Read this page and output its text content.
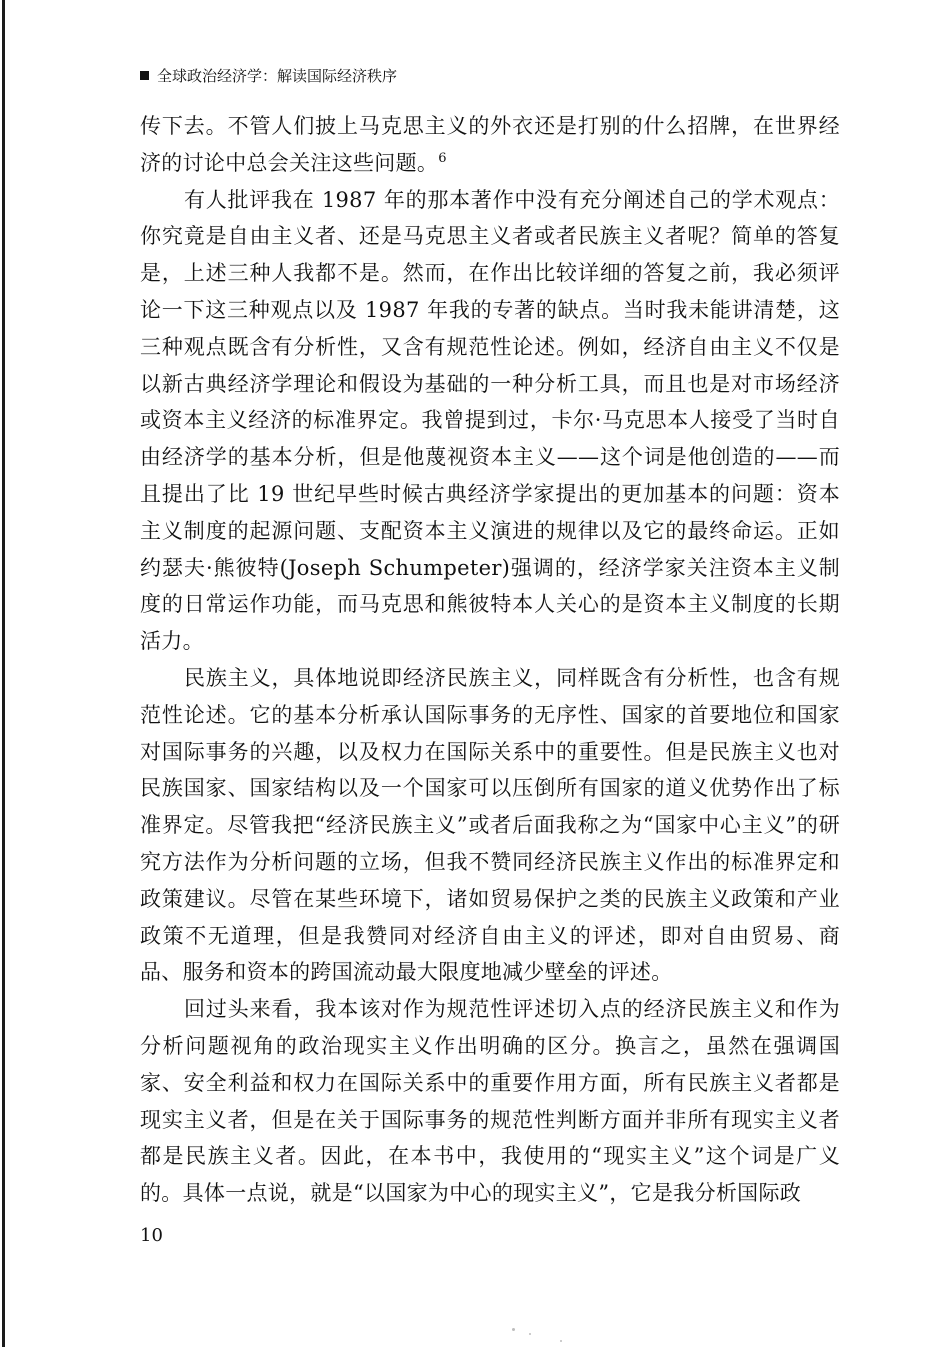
全球政治经济学：解读国际经济秩序

传下去。不管人们披上马克思主义的外衣还是打别的什么招牌，在世界经济的讨论中总会关注这些问题。$^6$

有人批评我在 1987 年的那本著作中没有充分阐述自己的学术观点：你究竟是自由主义者、还是马克思主义者或者民族主义者呢？简单的答复是，上述三种人我都不是。然而，在作出比较详细的答复之前，我必须评论一下这三种观点以及 1987 年我的专著的缺点。当时我未能讲清楚，这三种观点既含有分析性，又含有规范性论述。例如，经济自由主义不仅是以新古典经济学理论和假设为基础的一种分析工具，而且也是对市场经济或资本主义经济的标准界定。我曾提到过，卡尔·马克思本人接受了当时自由经济学的基本分析，但是他蔑视资本主义——这个词是他创造的——而且提出了比 19 世纪早些时候古典经济学家提出的更加基本的问题：资本主义制度的起源问题、支配资本主义演进的规律以及它的最终命运。正如约瑟夫·熊彼特(Joseph Schumpeter)强调的，经济学家关注资本主义制度的日常运作功能，而马克思和熊彼特本人关心的是资本主义制度的长期活力。

民族主义，具体地说即经济民族主义，同样既含有分析性，也含有规范性论述。它的基本分析承认国际事务的无序性、国家的首要地位和国家对国际事务的兴趣，以及权力在国际关系中的重要性。但是民族主义也对民族国家、国家结构以及一个国家可以压倒所有国家的道义优势作出了标准界定。尽管我把“经济民族主义”或者后面我称之为“国家中心主义”的研究方法作为分析问题的立场，但我不赞同经济民族主义作出的标准界定和政策建议。尽管在某些环境下，诸如贸易保护之类的民族主义政策和产业政策不无道理，但是我赞同对经济自由主义的评述，即对自由贸易、商品、服务和资本的跨国流动最大限度地减少壁垒的评述。

回过头来看，我本该对作为规范性评述切入点的经济民族主义和作为分析问题视角的政治现实主义作出明确的区分。换言之，虽然在强调国家、安全利益和权力在国际关系中的重要作用方面，所有民族主义者都是现实主义者，但是在关于国际事务的规范性判断方面并非所有现实主义者都是民族主义者。因此，在本书中，我使用的“现实主义”这个词是广义的。具体一点说，就是“以国家为中心的现实主义”，它是我分析国际政

10
